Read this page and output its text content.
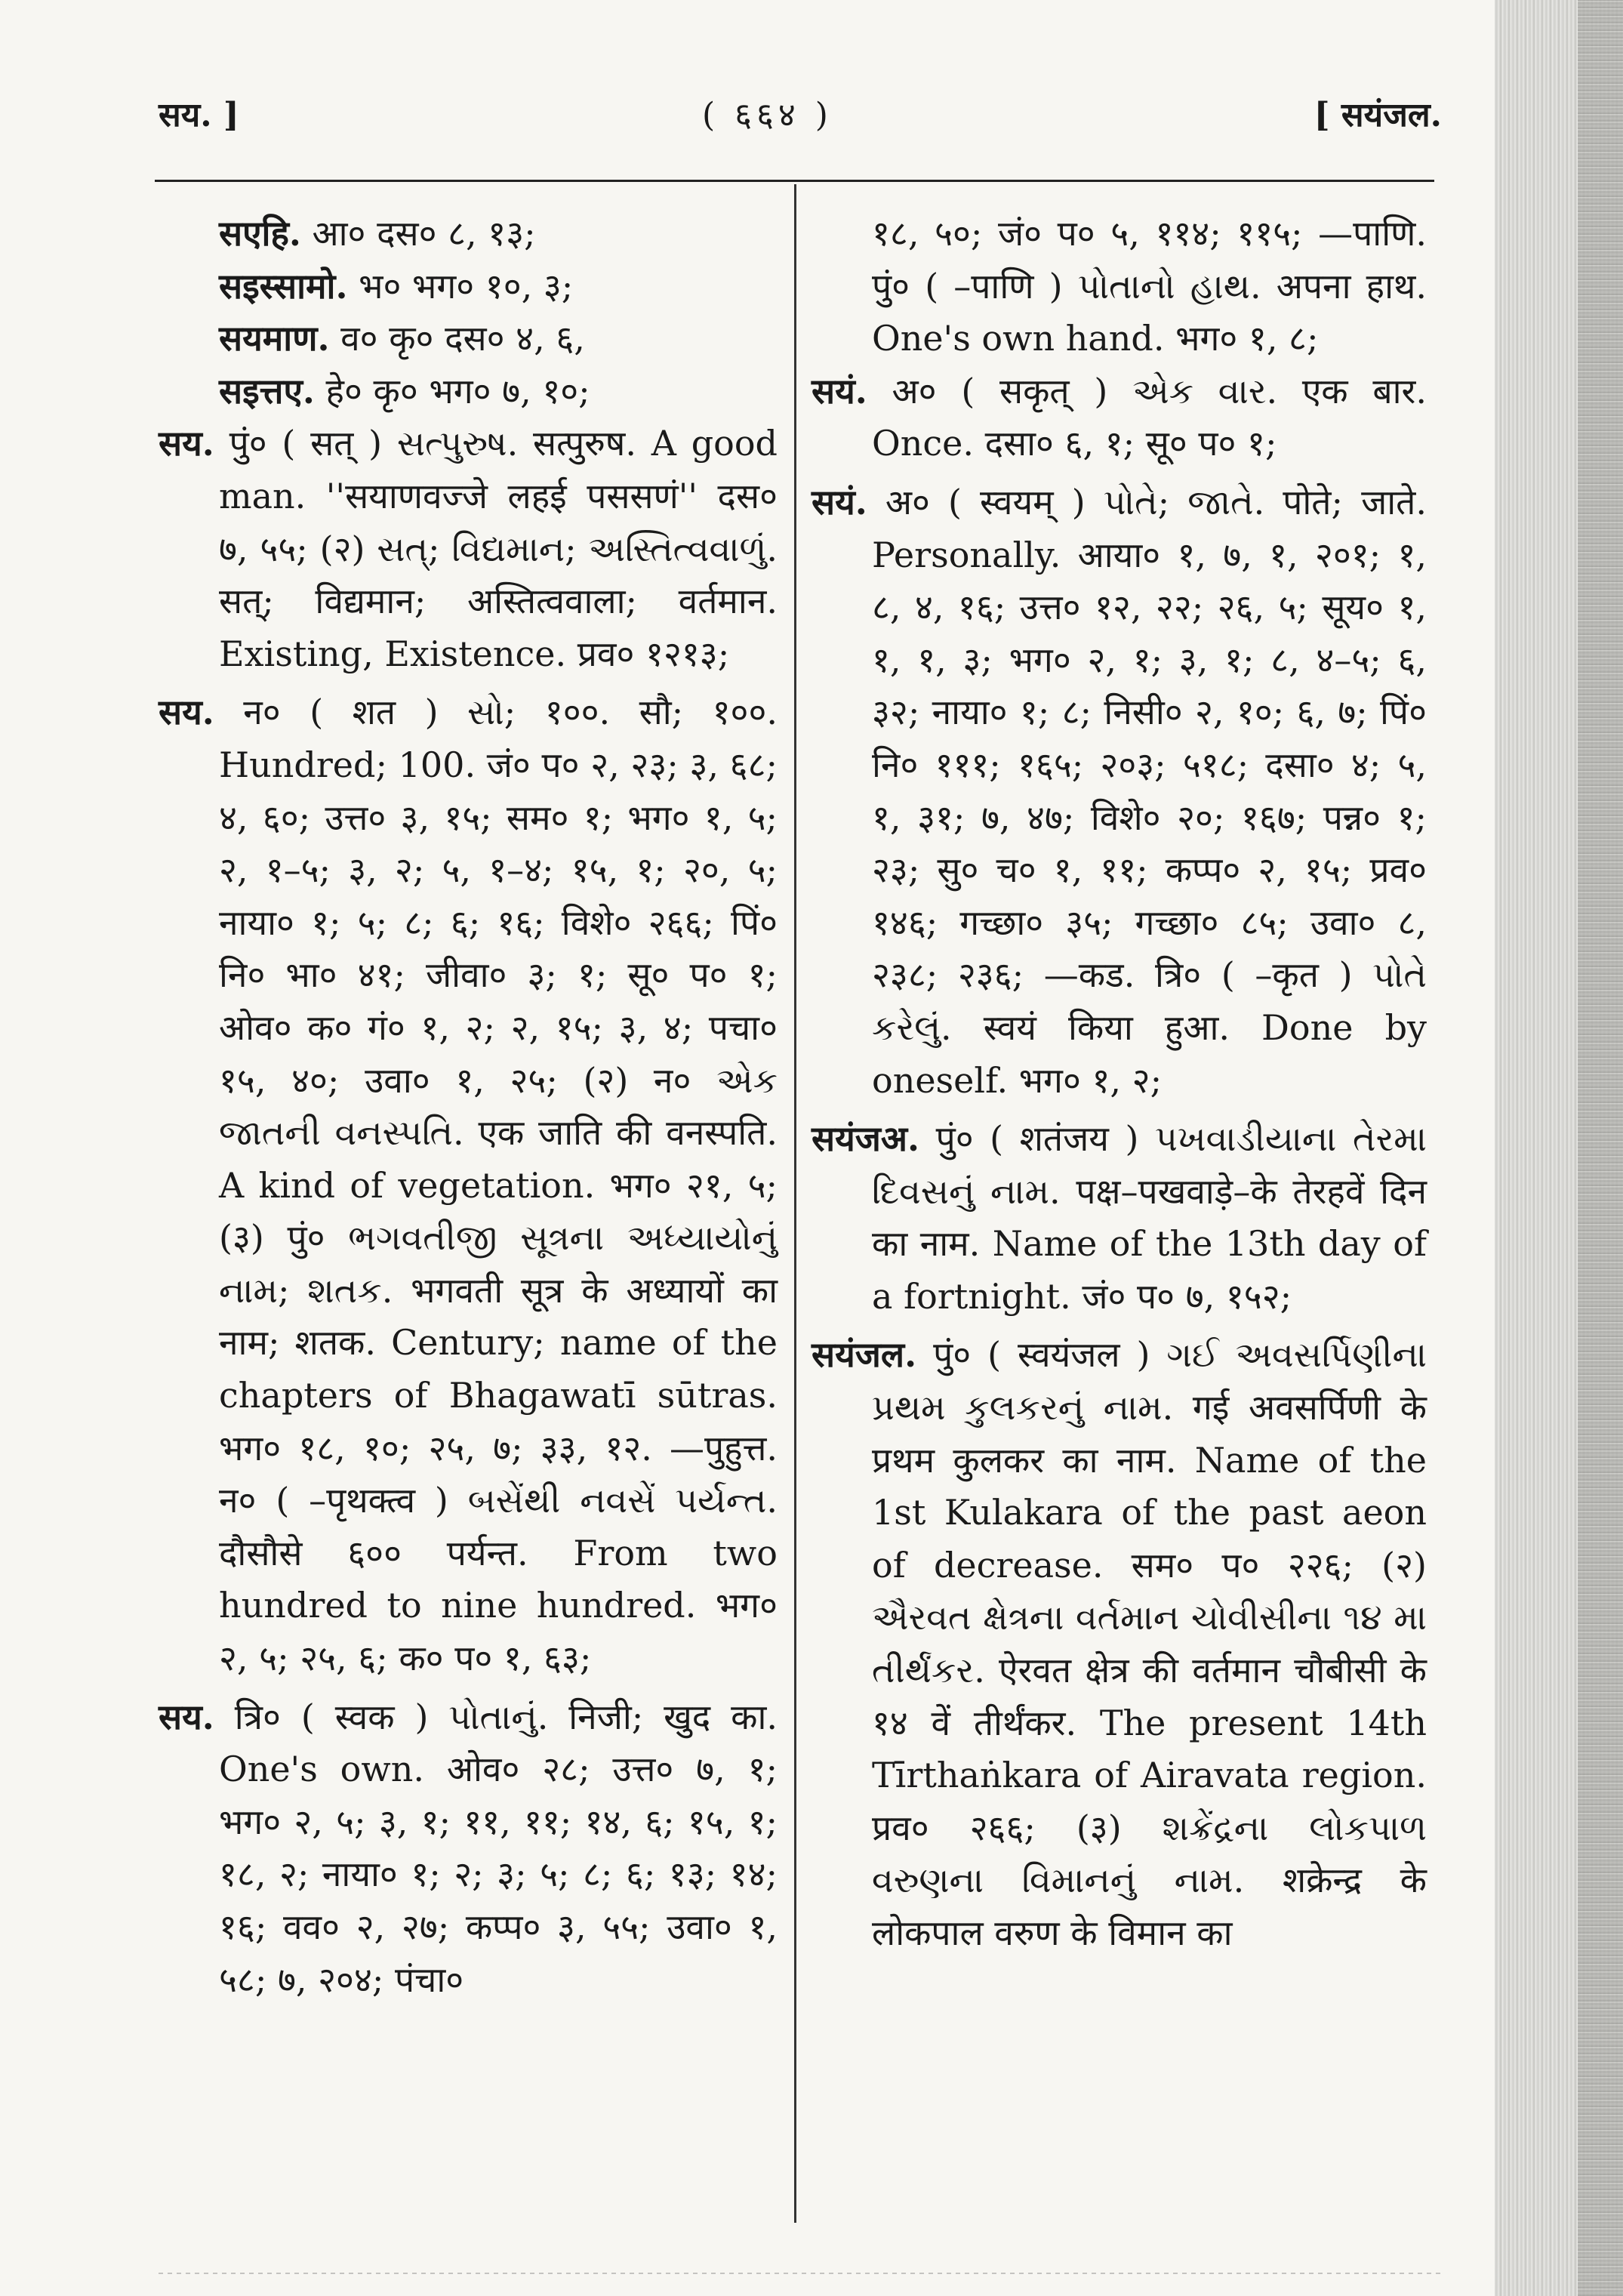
सय. ]	( ६६४ )	[ सयंजल.

सएहि. आ० दस० ८, १३;

सइस्सामो. भ० भग० १०, ३;

सयमाण. व० कृ० दस० ४, ६,

सइत्तए. हे० कृ० भग० ७, १०;

सय. पुं० ( सत् ) સત્પુરુષ. सत्पुरुष. A good man. ''सयाणवज्जे लहई पससणं'' दस० ७, ५५; (२) સત્; વિદ્યમાન; અસ્તિત્વવાળું. सत्; विद्यमान; अस्तित्ववाला; वर्तमान. Existing, Existence. प्रव० १२१३;

सय. न० ( शत ) સો; १००. सौ; १००. Hundred; 100. जं० प० २, २३; ३, ६८; ४, ६०; उत्त० ३, १५; सम० १; भग० १, ५; २, १–५; ३, २; ५, १–४; १५, १; २०, ५; नाया० १; ५; ८; ६; १६; विशे० २६६; पिं० नि० भा० ४१; जीवा० ३; १; सू० प० १; ओव० क० गं० १, २; २, १५; ३, ४; पचा० १५, ४०; उवा० १, २५; (२) न० એક જાતની વનસ્પતિ. एक जाति की वनस्पति. A kind of vegetation. भग० २१, ५; (३) पुं० ભગવતીજી સૂત્રના અધ્યાયોનું નામ; શતક. भगवती सूत्र के अध्यायों का नाम; शतक. Century; name of the chapters of Bhagawatī sūtras. भग० १८, १०; २५, ७; ३३, १२. —पुहुत्त. न० ( –पृथक्त्व ) બસેંથી નવસેં પર્યન્ત. दौसौसे ६०० पर्यन्त. From two hundred to nine hundred. भग० २, ५; २५, ६; क० प० १, ६३;

सय. त्रि० ( स्वक ) પોતાનું. निजी; खुद का. One's own. ओव० २८; उत्त० ७, १; भग० २, ५; ३, १; ११, ११; १४, ६; १५, १; १८, २; नाया० १; २; ३; ५; ८; ६; १३; १४; १६; वव० २, २७; कप्प० ३, ५५; उवा० १, ५८; ७, २०४; पंचा०

१८, ५०; जं० प० ५, ११४; ११५; —पाणि. पुं० ( –पाणि ) પોતાનો હાથ. अपना हाथ. One's own hand. भग० १, ८;

सयं. अ० ( सकृत् ) એક વાર. एक बार. Once. दसा० ६, १; सू० प० १;

सयं. अ० ( स्वयम् ) પોતે; જાતે. पोते; जाते. Personally. आया० १, ७, १, २०१; १, ८, ४, १६; उत्त० १२, २२; २६, ५; सूय० १, १, १, ३; भग० २, १; ३, १; ८, ४–५; ६, ३२; नाया० १; ८; निसी० २, १०; ६, ७; पिं० नि० १११; १६५; २०३; ५१८; दसा० ४; ५, १, ३१; ७, ४७; विशे० २०; १६७; पन्न० १; २३; सु० च० १, ११; कप्प० २, १५; प्रव० १४६; गच्छा० ३५; गच्छा० ८५; उवा० ८, २३८; २३६; —कड. त्रि० ( –कृत ) પોતે કરેલું. स्वयं किया हुआ. Done by oneself. भग० १, २;

सयंजअ. पुं० ( शतंजय ) પખવાડીયાના તેરમા દિવસનું નામ. पक्ष–पखवाड़े–के तेरहवें दिन का नाम. Name of the 13th day of a fortnight. जं० प० ७, १५२;

सयंजल. पुं० ( स्वयंजल ) ગઈ અવસર્પિણીના પ્રથમ કુલકરનું નામ. गई अवसर्पिणी के प्रथम कुलकर का नाम. Name of the 1st Kulakara of the past aeon of decrease. सम० प० २२६; (२) ઐરવત ક્ષેત્રના વર્તમાન ચોવીસીના ૧૪ મા તીર્થંકર. ऐरवत क्षेत्र की वर्तमान चौबीसी के १४ वें तीर्थंकर. The present 14th Tīrthaṅkara of Airavata region. प्रव० २६६; (३) શક્રેંદ્રના લોકપાળ વરુણના વિમાનનું નામ. शक्रेन्द्र के लोकपाल वरुण के विमान का
